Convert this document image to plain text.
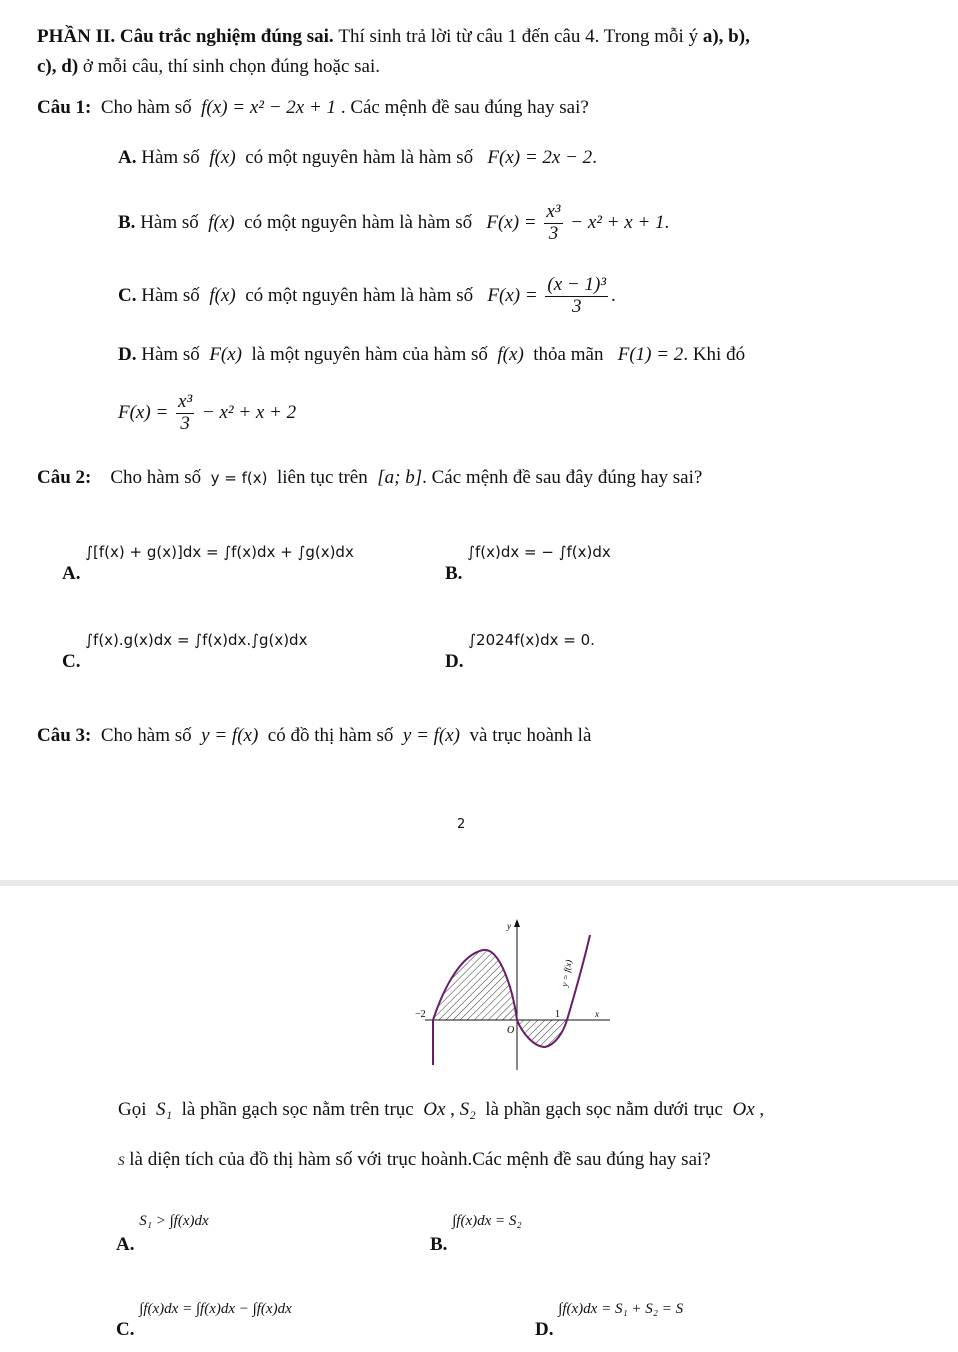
PHẦN II. Câu trắc nghiệm đúng sai. Thí sinh trả lời từ câu 1 đến câu 4. Trong mỗi ý a), b),
c), d) ở mỗi câu, thí sinh chọn đúng hoặc sai.
Câu 1: Cho hàm số f(x) = x² − 2x + 1 . Các mệnh đề sau đúng hay sai?
A. Hàm số f(x) có một nguyên hàm là hàm số F(x) = 2x − 2.
B. Hàm số f(x) có một nguyên hàm là hàm số $F(x) = \frac{\text{x³}}{3} - x^2 + x + 1$.
C. Hàm số f(x) có một nguyên hàm là hàm số $F(x) = \frac{\text{(x − 1)³}}{3}$ .
D. Hàm số F(x) là một nguyên hàm của hàm số f(x) thỏa mãn F(1) = 2. Khi đó
$F(x) = \frac{\text{x³}}{3} - x^2 + x + 2$
Câu 2: Cho hàm số y = f(x) liên tục trên [a; b]. Các mệnh đề sau đây đúng hay sai?
A. ∫[f(x) + g(x)]dx = ∫f(x)dx + ∫g(x)dx
B. ∫f(x)dx = − ∫f(x)dx
C. ∫f(x).g(x)dx = ∫f(x)dx.∫g(x)dx
D. ∫2024f(x)dx = 0.
Câu 3: Cho hàm số y = f(x) có đồ thị hàm số y = f(x) và trục hoành là
2
y
x
O
−2	1
y = f(x)
Gọi S₁ là phần gạch sọc nằm trên trục Ox , S₂ là phần gạch sọc nằm dưới trục Ox ,
S là diện tích của đồ thị hàm số với trục hoành.Các mệnh đề sau đúng hay sai?
A. S₁ > ∫f(x)dx
B. ∫f(x)dx = S₂
C. ∫f(x)dx = ∫f(x)dx − ∫f(x)dx
D. ∫f(x)dx = S₁ + S₂ = S
